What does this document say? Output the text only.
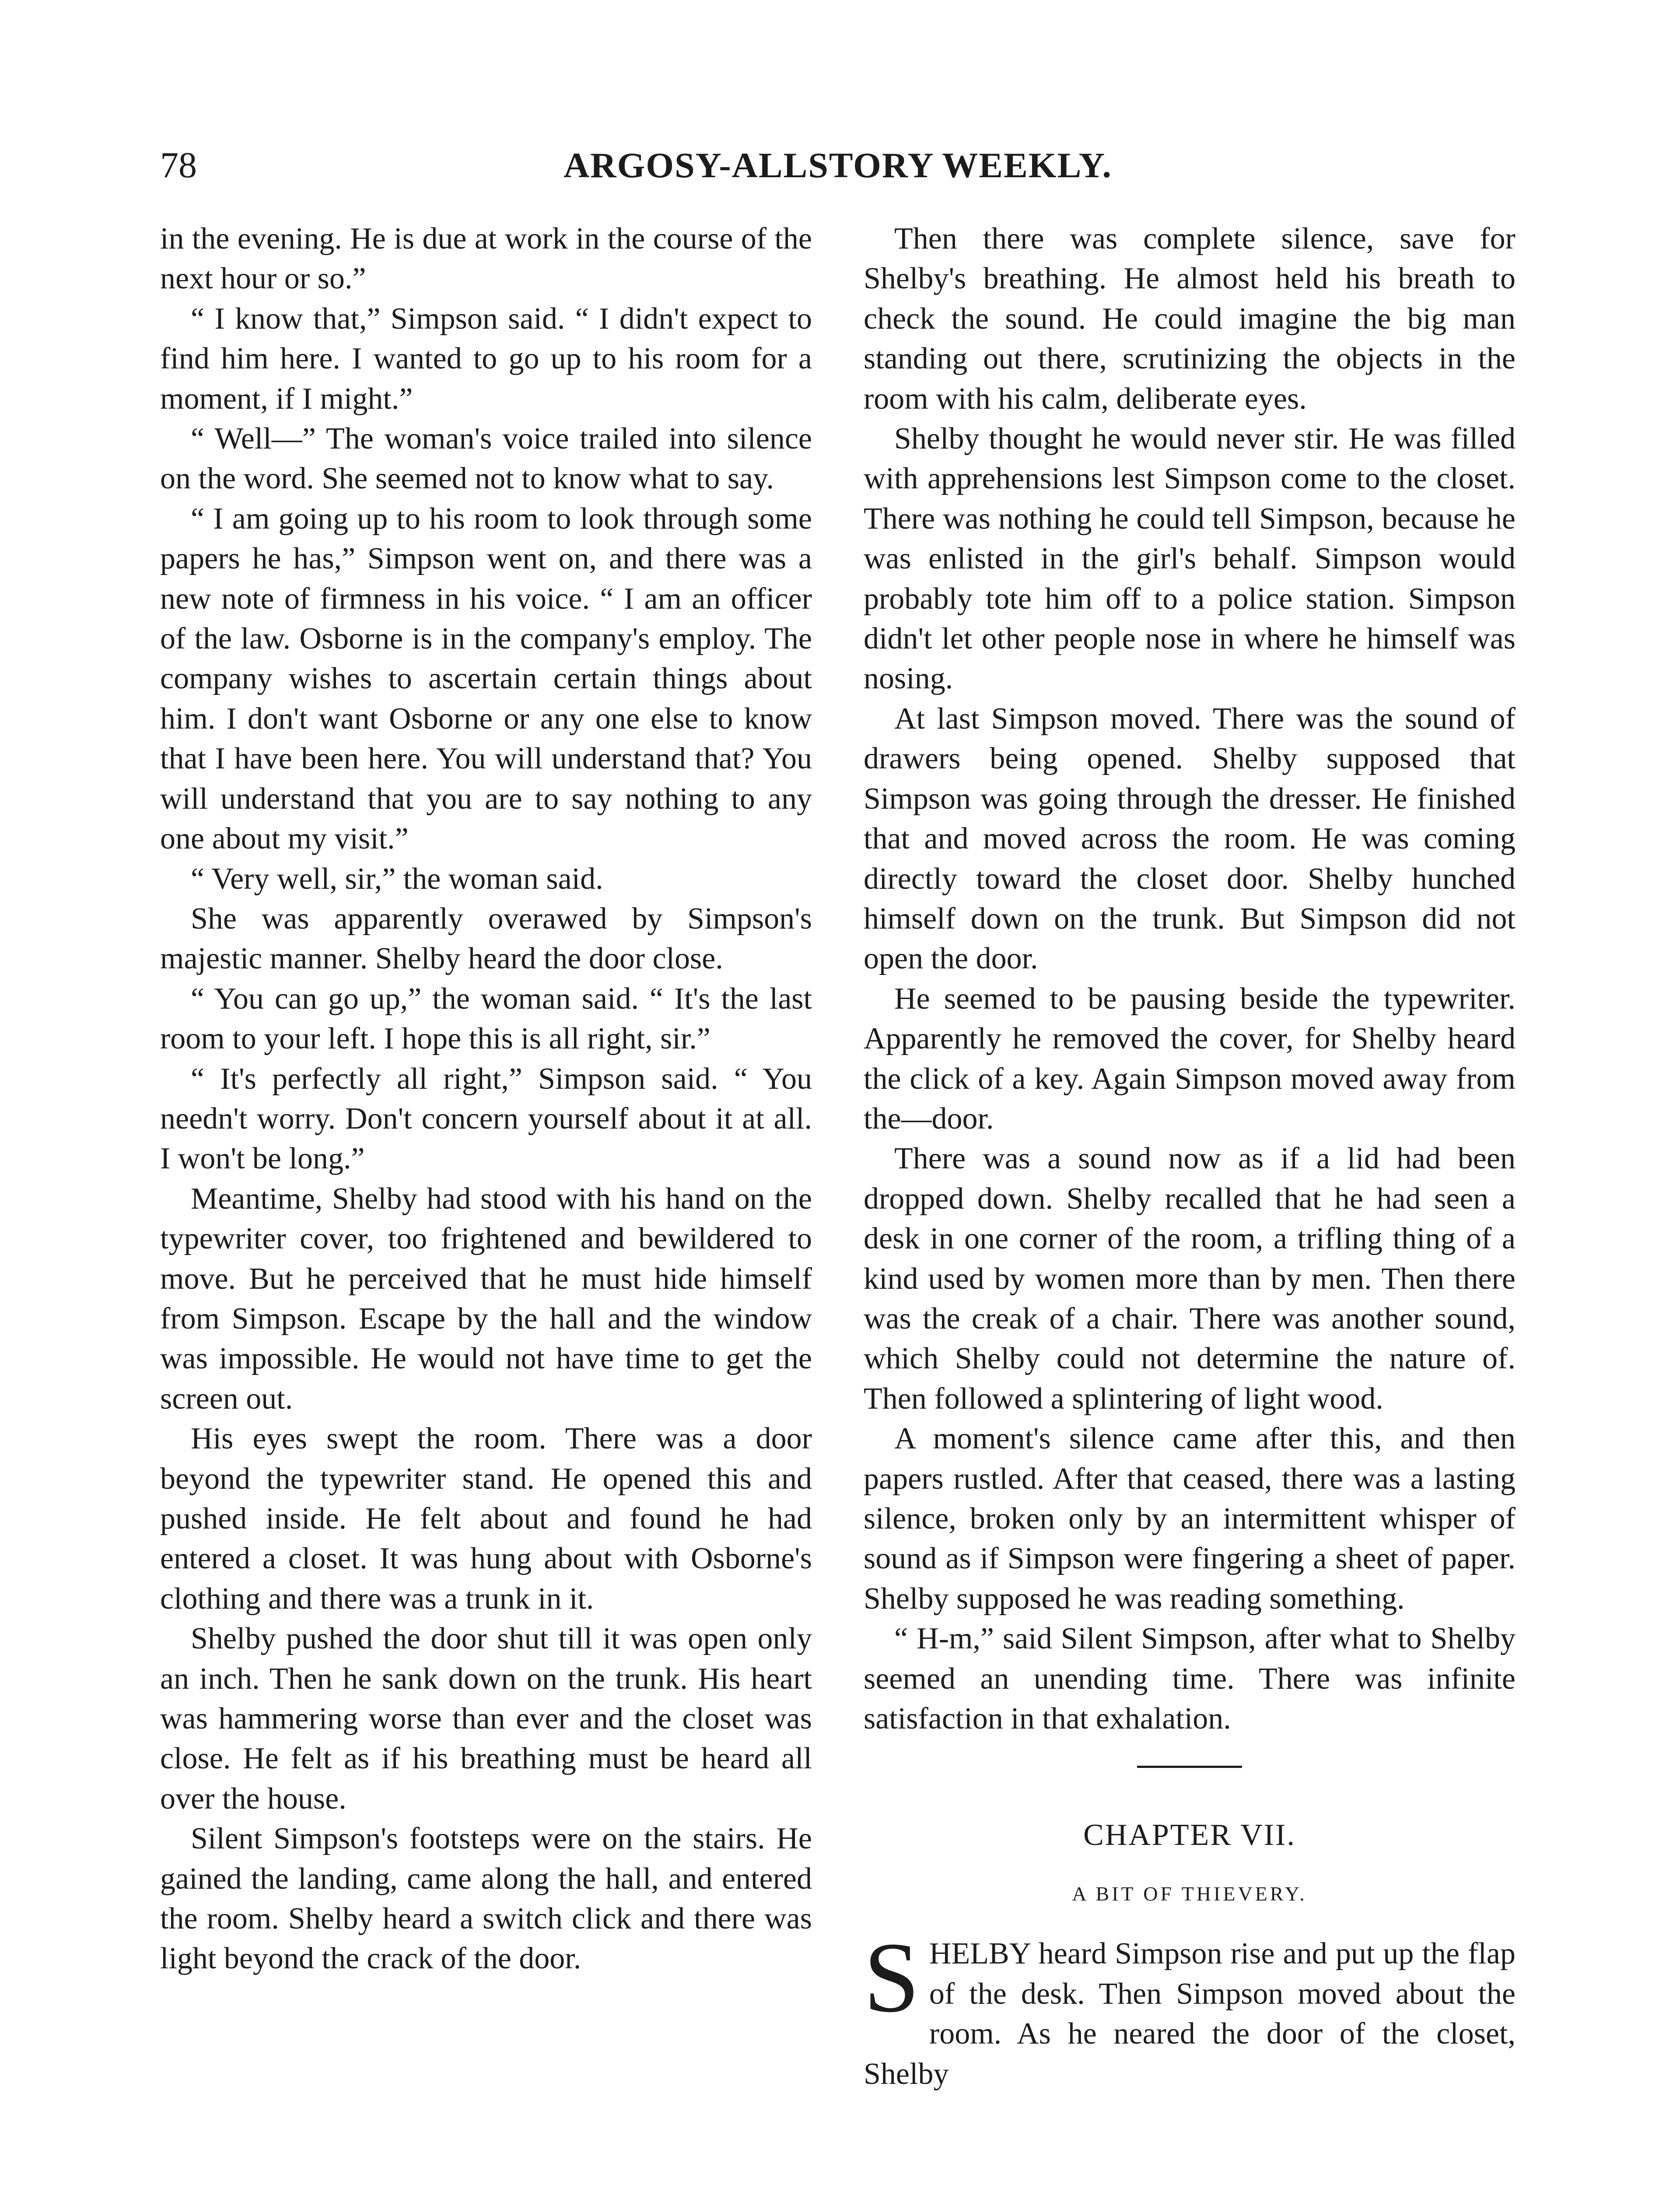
78	ARGOSY-ALLSTORY WEEKLY.

in the evening. He is due at work in the course of the next hour or so.”

“ I know that,” Simpson said. “ I didn't expect to find him here. I wanted to go up to his room for a moment, if I might.”

“ Well—” The woman's voice trailed into silence on the word. She seemed not to know what to say.

“ I am going up to his room to look through some papers he has,” Simpson went on, and there was a new note of firmness in his voice. “ I am an officer of the law. Osborne is in the company's employ. The company wishes to ascertain certain things about him. I don't want Osborne or any one else to know that I have been here. You will understand that? You will understand that you are to say nothing to any one about my visit.”

“ Very well, sir,” the woman said.

She was apparently overawed by Simpson's majestic manner. Shelby heard the door close.

“ You can go up,” the woman said. “ It's the last room to your left. I hope this is all right, sir.”

“ It's perfectly all right,” Simpson said. “ You needn't worry. Don't concern yourself about it at all. I won't be long.”

Meantime, Shelby had stood with his hand on the typewriter cover, too frightened and bewildered to move. But he perceived that he must hide himself from Simpson. Escape by the hall and the window was impossible. He would not have time to get the screen out.

His eyes swept the room. There was a door beyond the typewriter stand. He opened this and pushed inside. He felt about and found he had entered a closet. It was hung about with Osborne's clothing and there was a trunk in it.

Shelby pushed the door shut till it was open only an inch. Then he sank down on the trunk. His heart was hammering worse than ever and the closet was close. He felt as if his breathing must be heard all over the house.

Silent Simpson's footsteps were on the stairs. He gained the landing, came along the hall, and entered the room. Shelby heard a switch click and there was light beyond the crack of the door.

Then there was complete silence, save for Shelby's breathing. He almost held his breath to check the sound. He could imagine the big man standing out there, scrutinizing the objects in the room with his calm, deliberate eyes.

Shelby thought he would never stir. He was filled with apprehensions lest Simpson come to the closet. There was nothing he could tell Simpson, because he was enlisted in the girl's behalf. Simpson would probably tote him off to a police station. Simpson didn't let other people nose in where he himself was nosing.

At last Simpson moved. There was the sound of drawers being opened. Shelby supposed that Simpson was going through the dresser. He finished that and moved across the room. He was coming directly toward the closet door. Shelby hunched himself down on the trunk. But Simpson did not open the door.

He seemed to be pausing beside the typewriter. Apparently he removed the cover, for Shelby heard the click of a key. Again Simpson moved away from the—door.

There was a sound now as if a lid had been dropped down. Shelby recalled that he had seen a desk in one corner of the room, a trifling thing of a kind used by women more than by men. Then there was the creak of a chair. There was another sound, which Shelby could not determine the nature of. Then followed a splintering of light wood.

A moment's silence came after this, and then papers rustled. After that ceased, there was a lasting silence, broken only by an intermittent whisper of sound as if Simpson were fingering a sheet of paper. Shelby supposed he was reading something.

“ H-m,” said Silent Simpson, after what to Shelby seemed an unending time. There was infinite satisfaction in that exhalation.

CHAPTER VII.
A BIT OF THIEVERY.

SHELBY heard Simpson rise and put up the flap of the desk. Then Simpson moved about the room. As he neared the door of the closet, Shelby
